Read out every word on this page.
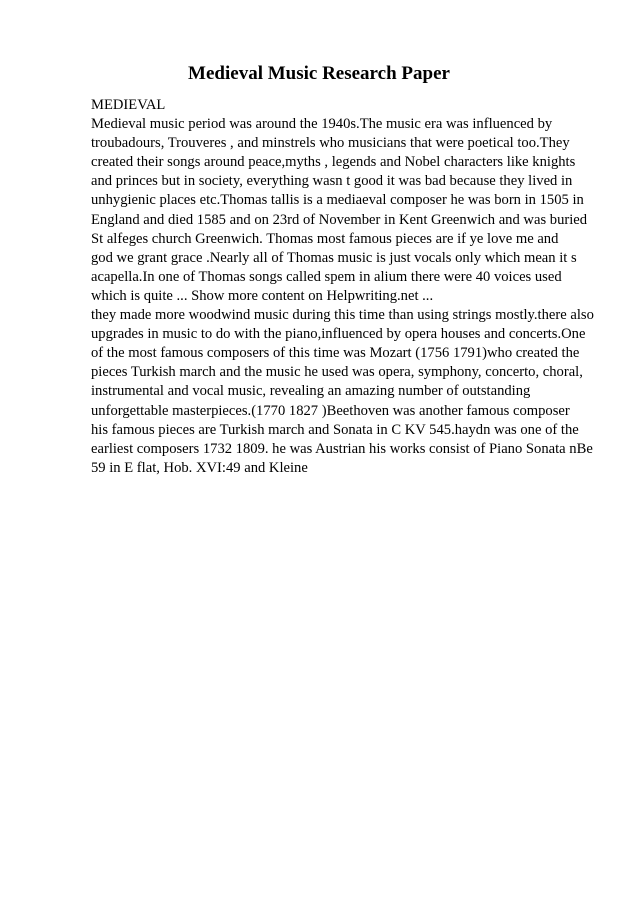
Medieval Music Research Paper
MEDIEVAL
Medieval music period was around the 1940s.The music era was influenced by
troubadours, Trouveres , and minstrels who musicians that were poetical too.They
created their songs around peace,myths , legends and Nobel characters like knights
and princes but in society, everything wasn t good it was bad because they lived in
unhygienic places etc.Thomas tallis is a mediaeval composer he was born in 1505 in
England and died 1585 and on 23rd of November in Kent Greenwich and was buried
St alfeges church Greenwich. Thomas most famous pieces are if ye love me and
god we grant grace .Nearly all of Thomas music is just vocals only which mean it s
acapella.In one of Thomas songs called spem in alium there were 40 voices used
which is quite ... Show more content on Helpwriting.net ...
they made more woodwind music during this time than using strings mostly.there also
upgrades in music to do with the piano,influenced by opera houses and concerts.One
of the most famous composers of this time was Mozart (1756 1791)who created the
pieces Turkish march and the music he used was opera, symphony, concerto, choral,
instrumental and vocal music, revealing an amazing number of outstanding
unforgettable masterpieces.(1770 1827 )Beethoven was another famous composer
his famous pieces are Turkish march and Sonata in C KV 545.haydn was one of the
earliest composers 1732 1809. he was Austrian his works consist of Piano Sonata nBe
59 in E flat, Hob. XVI:49 and Kleine
